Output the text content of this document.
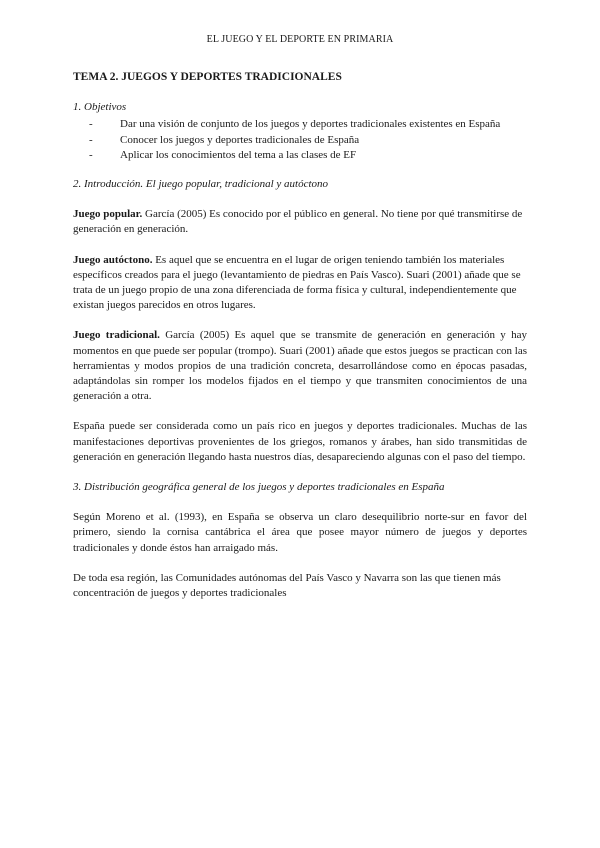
EL JUEGO Y EL DEPORTE EN PRIMARIA
TEMA 2. JUEGOS Y DEPORTES TRADICIONALES
1. Objetivos
- Dar una visión de conjunto de los juegos y deportes tradicionales existentes en España
- Conocer los juegos y deportes tradicionales de España
- Aplicar los conocimientos del tema a las clases de EF
2. Introducción. El juego popular, tradicional y autóctono

Juego popular. García (2005) Es conocido por el público en general. No tiene por qué transmitirse de generación en generación.

Juego autóctono. Es aquel que se encuentra en el lugar de origen teniendo también los materiales específicos creados para el juego (levantamiento de piedras en País Vasco). Suari (2001) añade que se trata de un juego propio de una zona diferenciada de forma física y cultural, independientemente que existan juegos parecidos en otros lugares.

Juego tradicional. García (2005) Es aquel que se transmite de generación en generación y hay momentos en que puede ser popular (trompo). Suari (2001) añade que estos juegos se practican con las herramientas y modos propios de una tradición concreta, desarrollándose como en épocas pasadas, adaptándolas sin romper los modelos fijados en el tiempo y que transmiten conocimientos de una generación a otra.

España puede ser considerada como un país rico en juegos y deportes tradicionales. Muchas de las manifestaciones deportivas provenientes de los griegos, romanos y árabes, han sido transmitidas de generación en generación llegando hasta nuestros días, desapareciendo algunas con el paso del tiempo.

3. Distribución geográfica general de los juegos y deportes tradicionales en España

Según Moreno et al. (1993), en España se observa un claro desequilibrio norte-sur en favor del primero, siendo la cornisa cantábrica el área que posee mayor número de juegos y deportes tradicionales y donde éstos han arraigado más.

De toda esa región, las Comunidades autónomas del País Vasco y Navarra son las que tienen más concentración de juegos y deportes tradicionales
